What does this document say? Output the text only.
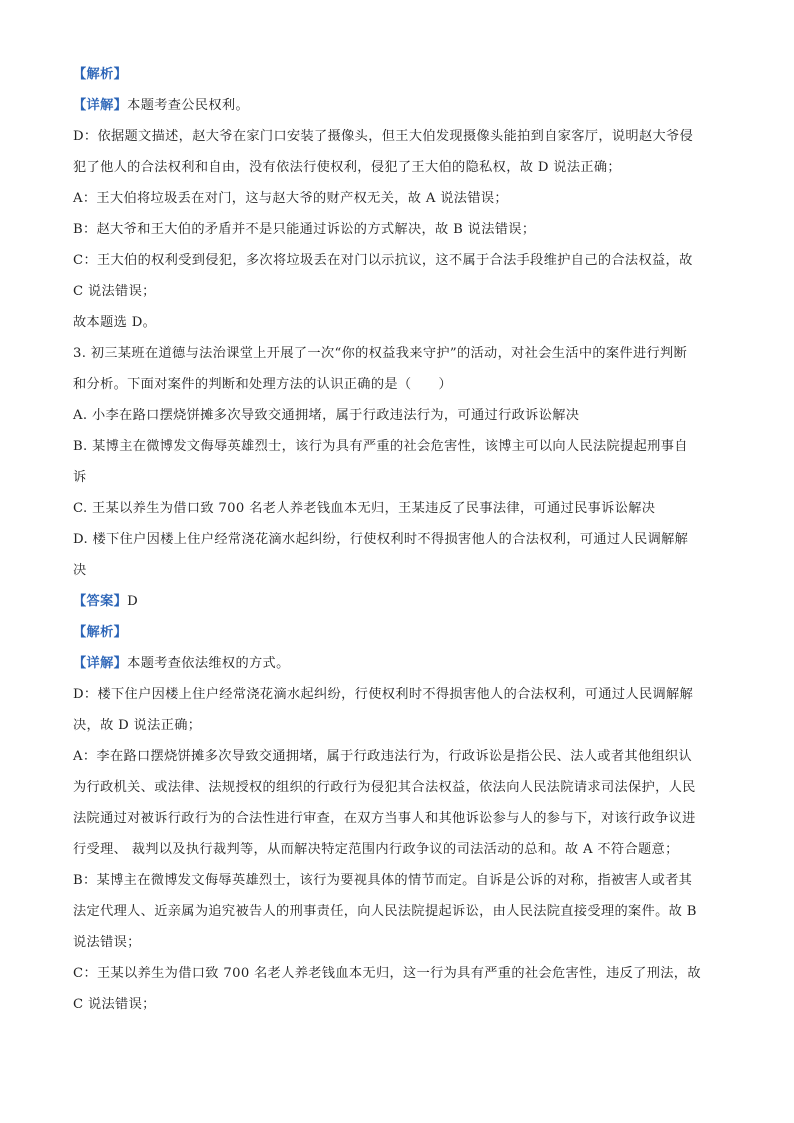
【解析】
【详解】本题考查公民权利。
D：依据题文描述，赵大爷在家门口安装了摄像头，但王大伯发现摄像头能拍到自家客厅，说明赵大爷侵
犯了他人的合法权利和自由，没有依法行使权利，侵犯了王大伯的隐私权，故 D 说法正确；
A：王大伯将垃圾丢在对门，这与赵大爷的财产权无关，故 A 说法错误；
B：赵大爷和王大伯的矛盾并不是只能通过诉讼的方式解决，故 B 说法错误；
C：王大伯的权利受到侵犯，多次将垃圾丢在对门以示抗议，这不属于合法手段维护自己的合法权益，故
C 说法错误；
故本题选 D。
3. 初三某班在道德与法治课堂上开展了一次“你的权益我来守护”的活动，对社会生活中的案件进行判断
和分析。下面对案件的判断和处理方法的认识正确的是（　　）
A. 小李在路口摆烧饼摊多次导致交通拥堵，属于行政违法行为，可通过行政诉讼解决
B. 某博主在微博发文侮辱英雄烈士，该行为具有严重的社会危害性，该博主可以向人民法院提起刑事自
诉
C. 王某以养生为借口致 700 名老人养老钱血本无归，王某违反了民事法律，可通过民事诉讼解决
D. 楼下住户因楼上住户经常浇花滴水起纠纷，行使权利时不得损害他人的合法权利，可通过人民调解解
决
【答案】D
【解析】
【详解】本题考查依法维权的方式。
D：楼下住户因楼上住户经常浇花滴水起纠纷，行使权利时不得损害他人的合法权利，可通过人民调解解
决，故 D 说法正确；
A：李在路口摆烧饼摊多次导致交通拥堵，属于行政违法行为，行政诉讼是指公民、法人或者其他组织认
为行政机关、或法律、法规授权的组织的行政行为侵犯其合法权益，依法向人民法院请求司法保护，人民
法院通过对被诉行政行为的合法性进行审查，在双方当事人和其他诉讼参与人的参与下，对该行政争议进
行受理、 裁判以及执行裁判等，从而解决特定范围内行政争议的司法活动的总和。故 A 不符合题意；
B：某博主在微博发文侮辱英雄烈士，该行为要视具体的情节而定。自诉是公诉的对称，指被害人或者其
法定代理人、近亲属为追究被告人的刑事责任，向人民法院提起诉讼，由人民法院直接受理的案件。故 B
说法错误；
C：王某以养生为借口致 700 名老人养老钱血本无归，这一行为具有严重的社会危害性，违反了刑法，故
C 说法错误；
